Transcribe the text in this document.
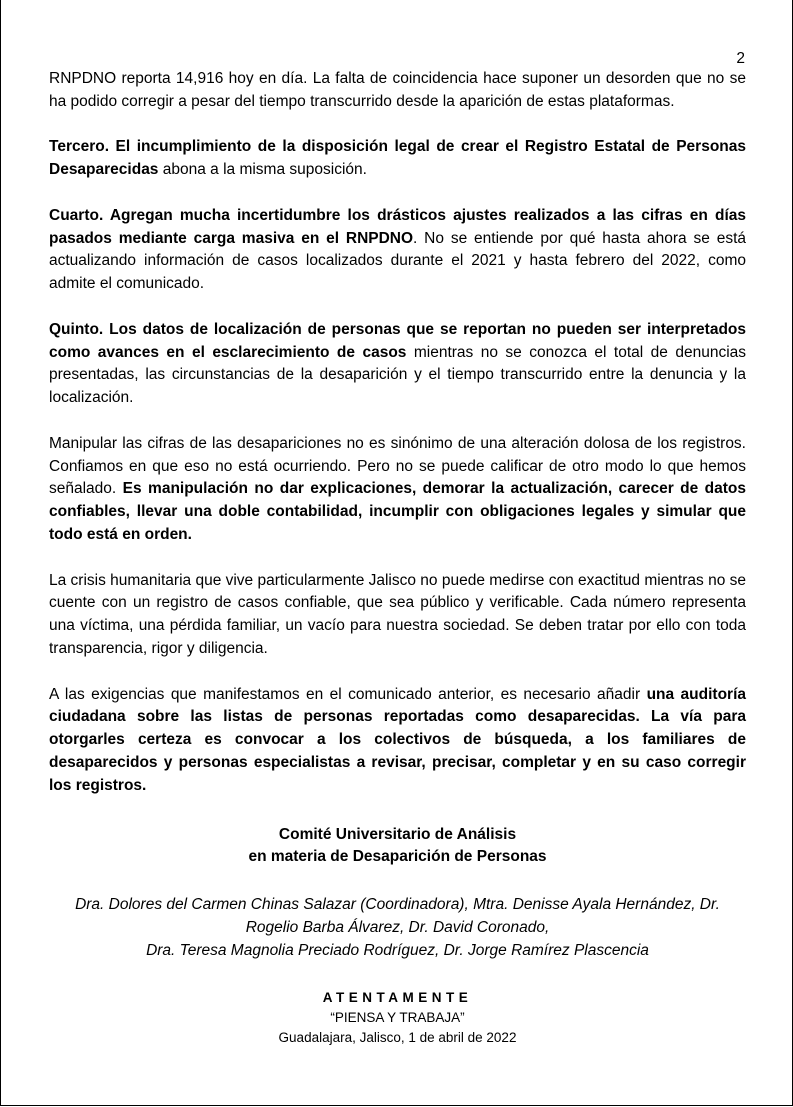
2

RNPDNO reporta 14,916 hoy en día. La falta de coincidencia hace suponer un desorden que no se ha podido corregir a pesar del tiempo transcurrido desde la aparición de estas plataformas.

Tercero. El incumplimiento de la disposición legal de crear el Registro Estatal de Personas Desaparecidas abona a la misma suposición.

Cuarto. Agregan mucha incertidumbre los drásticos ajustes realizados a las cifras en días pasados mediante carga masiva en el RNPDNO. No se entiende por qué hasta ahora se está actualizando información de casos localizados durante el 2021 y hasta febrero del 2022, como admite el comunicado.

Quinto. Los datos de localización de personas que se reportan no pueden ser interpretados como avances en el esclarecimiento de casos mientras no se conozca el total de denuncias presentadas, las circunstancias de la desaparición y el tiempo transcurrido entre la denuncia y la localización.

Manipular las cifras de las desapariciones no es sinónimo de una alteración dolosa de los registros. Confiamos en que eso no está ocurriendo. Pero no se puede calificar de otro modo lo que hemos señalado. Es manipulación no dar explicaciones, demorar la actualización, carecer de datos confiables, llevar una doble contabilidad, incumplir con obligaciones legales y simular que todo está en orden.

La crisis humanitaria que vive particularmente Jalisco no puede medirse con exactitud mientras no se cuente con un registro de casos confiable, que sea público y verificable. Cada número representa una víctima, una pérdida familiar, un vacío para nuestra sociedad. Se deben tratar por ello con toda transparencia, rigor y diligencia.

A las exigencias que manifestamos en el comunicado anterior, es necesario añadir una auditoría ciudadana sobre las listas de personas reportadas como desaparecidas. La vía para otorgarles certeza es convocar a los colectivos de búsqueda, a los familiares de desaparecidos y personas especialistas a revisar, precisar, completar y en su caso corregir los registros.

Comité Universitario de Análisis
en materia de Desaparición de Personas
Dra. Dolores del Carmen Chinas Salazar (Coordinadora), Mtra. Denisse Ayala Hernández, Dr.
Rogelio Barba Álvarez, Dr. David Coronado,
Dra. Teresa Magnolia Preciado Rodríguez, Dr. Jorge Ramírez Plascencia
ATENTAMENTE
“PIENSA Y TRABAJA”
Guadalajara, Jalisco, 1 de abril de 2022
